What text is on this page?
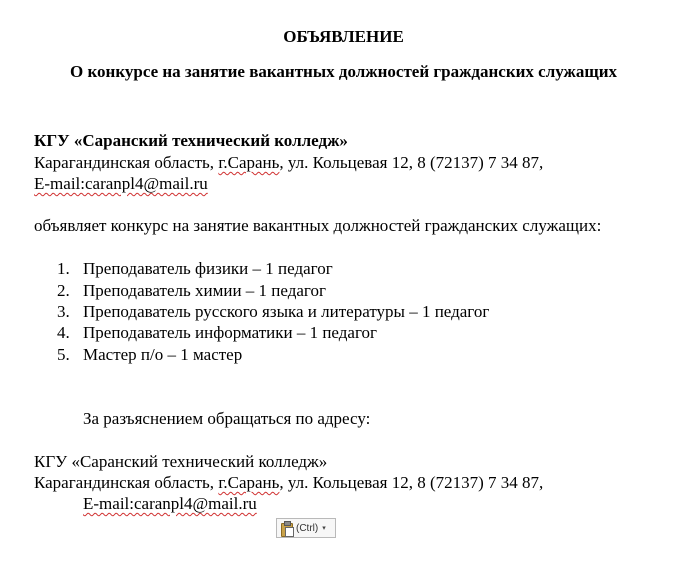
ОБЪЯВЛЕНИЕ
О конкурсе на занятие вакантных должностей гражданских служащих
КГУ «Саранский технический колледж»
Карагандинская область, г.Сарань, ул. Кольцевая 12, 8 (72137) 7 34 87,
E-mail:caranpl4@mail.ru
объявляет конкурс на занятие вакантных должностей гражданских служащих:
1. Преподаватель физики – 1 педагог
2. Преподаватель химии – 1 педагог
3. Преподаватель русского языка и литературы – 1 педагог
4. Преподаватель информатики – 1 педагог
5. Мастер п/о – 1 мастер
За разъяснением обращаться по адресу:
КГУ «Саранский технический колледж»
Карагандинская область, г.Сарань, ул. Кольцевая 12, 8 (72137) 7 34 87,
E-mail:caranpl4@mail.ru
(Ctrl) ▾
